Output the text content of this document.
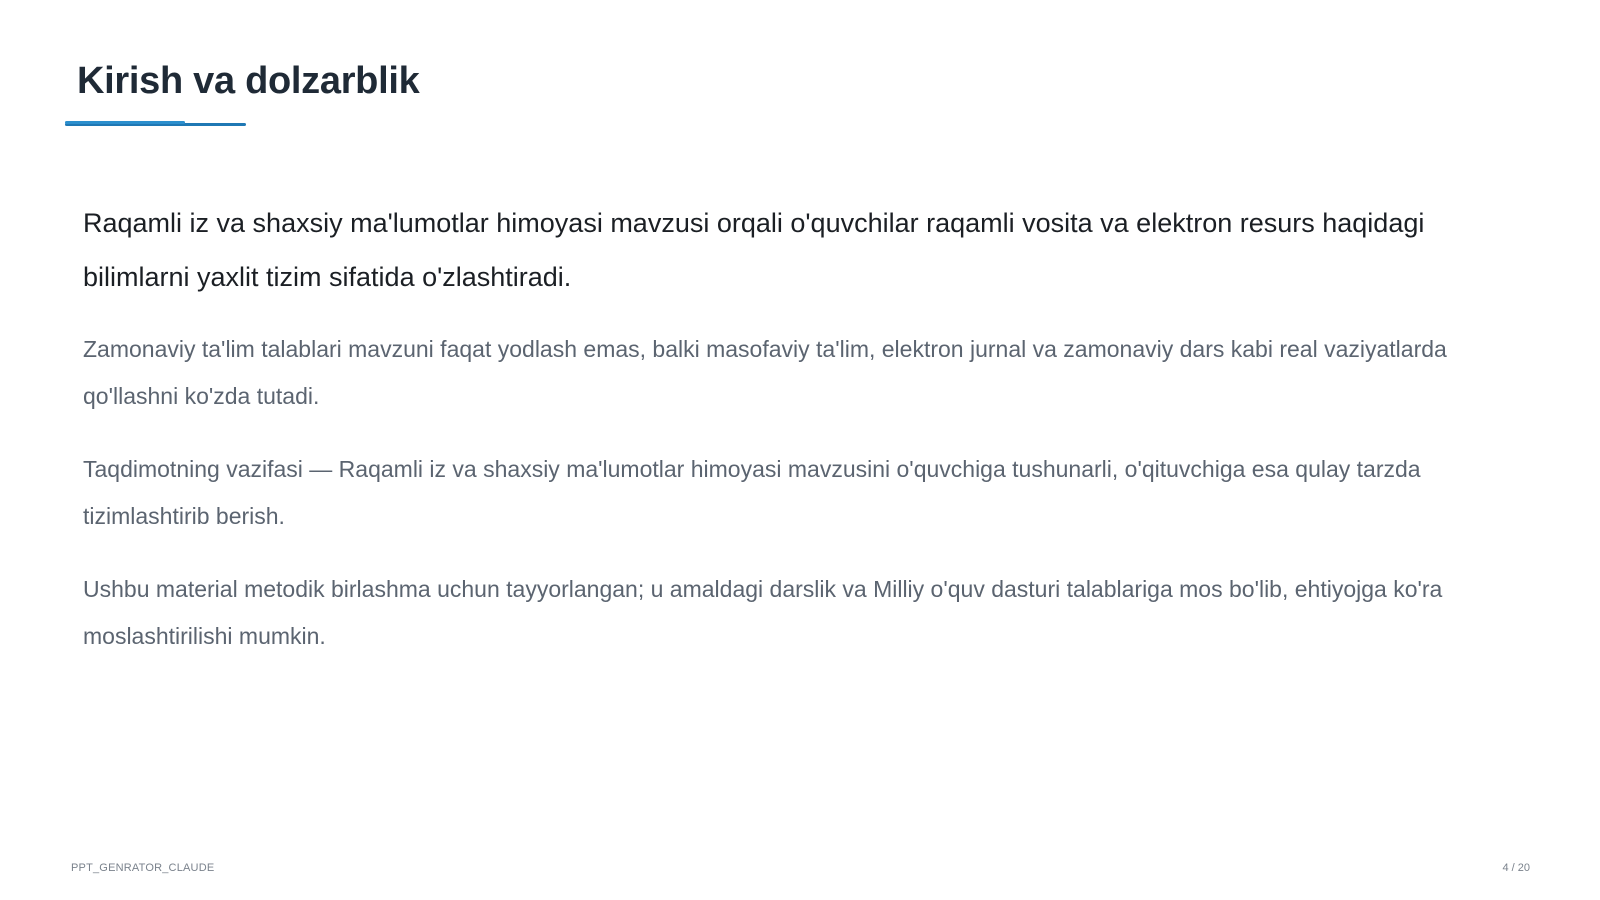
Kirish va dolzarblik

Raqamli iz va shaxsiy ma'lumotlar himoyasi mavzusi orqali o'quvchilar raqamli vosita va elektron resurs haqidagi bilimlarni yaxlit tizim sifatida o'zlashtiradi.

Zamonaviy ta'lim talablari mavzuni faqat yodlash emas, balki masofaviy ta'lim, elektron jurnal va zamonaviy dars kabi real vaziyatlarda qo'llashni ko'zda tutadi.

Taqdimotning vazifasi — Raqamli iz va shaxsiy ma'lumotlar himoyasi mavzusini o'quvchiga tushunarli, o'qituvchiga esa qulay tarzda tizimlashtirib berish.

Ushbu material metodik birlashma uchun tayyorlangan; u amaldagi darslik va Milliy o'quv dasturi talablariga mos bo'lib, ehtiyojga ko'ra moslashtirilishi mumkin.

PPT_GENRATOR_CLAUDE	4 / 20
